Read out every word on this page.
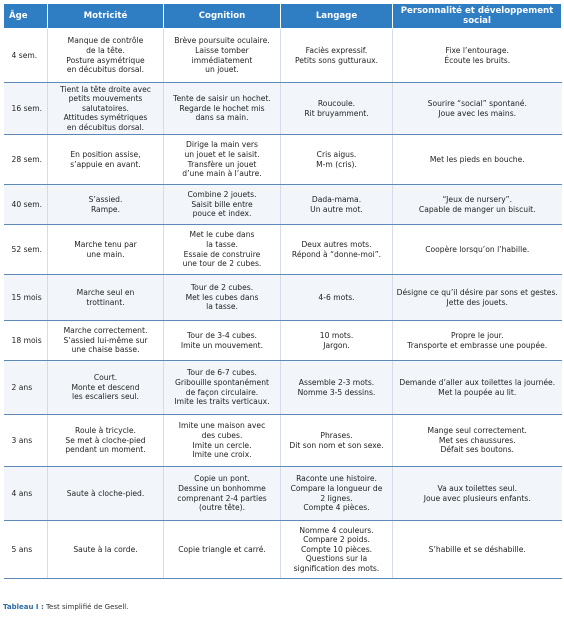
Âge	Motricité	Cognition	Langage	Personnalité et développement social
4 sem.	Manque de contrôle
de la tête.
Posture asymétrique
en décubitus dorsal.	Brève poursuite oculaire.
Laisse tomber
immédiatement
un jouet.	Faciès expressif.
Petits sons gutturaux.	Fixe l’entourage.
Écoute les bruits.

16 sem.	Tient la tête droite avec
petits mouvements
salutatoires.
Attitudes symétriques
en décubitus dorsal.	Tente de saisir un hochet.
Regarde le hochet mis
dans sa main.	Roucoule.
Rit bruyamment.	Sourire “social” spontané.
Joue avec les mains.

28 sem.	En position assise,
s’appuie en avant.	Dirige la main vers
un jouet et le saisit.
Transfère un jouet
d’une main à l’autre.	Cris aigus.
M-m (cris).	Met les pieds en bouche.

40 sem.	S’assied.
Rampe.	Combine 2 jouets.
Saisit bille entre
pouce et index.	Dada-mama.
Un autre mot.	“Jeux de nursery”.
Capable de manger un biscuit.

52 sem.	Marche tenu par
une main.	Met le cube dans
la tasse.
Essaie de construire
une tour de 2 cubes.	Deux autres mots.
Répond à “donne-moi”.	Coopère lorsqu’on l’habille.

15 mois	Marche seul en
trottinant.	Tour de 2 cubes.
Met les cubes dans
la tasse.	4-6 mots.	Désigne ce qu’il désire par sons et gestes.
Jette des jouets.

18 mois	Marche correctement.
S’assied lui-même sur
une chaise basse.	Tour de 3-4 cubes.
Imite un mouvement.	10 mots.
Jargon.	Propre le jour.
Transporte et embrasse une poupée.

2 ans	Court.
Monte et descend
les escaliers seul.	Tour de 6-7 cubes.
Gribouille spontanément
de façon circulaire.
Imite les traits verticaux.	Assemble 2-3 mots.
Nomme 3-5 dessins.	Demande d’aller aux toilettes la journée.
Met la poupée au lit.

3 ans	Roule à tricycle.
Se met à cloche-pied
pendant un moment.	Imite une maison avec
des cubes.
Imite un cercle.
Imite une croix.	Phrases.
Dit son nom et son sexe.	Mange seul correctement.
Met ses chaussures.
Défait ses boutons.

4 ans	Saute à cloche-pied.	Copie un pont.
Dessine un bonhomme
comprenant 2-4 parties
(outre tête).	Raconte une histoire.
Compare la longueur de
2 lignes.
Compte 4 pièces.	Va aux toilettes seul.
Joue avec plusieurs enfants.

5 ans	Saute à la corde.	Copie triangle et carré.	Nomme 4 couleurs.
Compare 2 poids.
Compte 10 pièces.
Questions sur la
signification des mots.	S’habille et se déshabille.
Tableau I : Test simplifié de Gesell.
